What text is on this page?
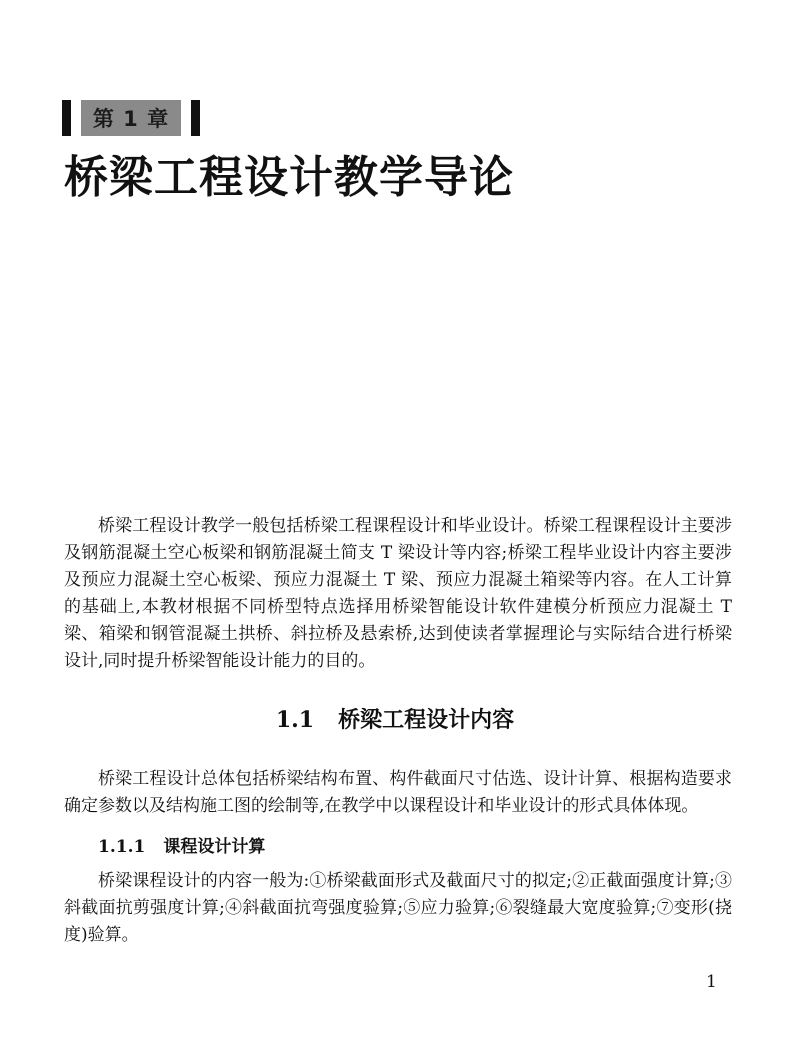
第 1 章
桥梁工程设计教学导论

桥梁工程设计教学一般包括桥梁工程课程设计和毕业设计。桥梁工程课程设计主要涉及钢筋混凝土空心板梁和钢筋混凝土简支 T 梁设计等内容;桥梁工程毕业设计内容主要涉及预应力混凝土空心板梁、预应力混凝土 T 梁、预应力混凝土箱梁等内容。在人工计算的基础上,本教材根据不同桥型特点选择用桥梁智能设计软件建模分析预应力混凝土 T 梁、箱梁和钢管混凝土拱桥、斜拉桥及悬索桥,达到使读者掌握理论与实际结合进行桥梁设计,同时提升桥梁智能设计能力的目的。

1.1 桥梁工程设计内容

桥梁工程设计总体包括桥梁结构布置、构件截面尺寸估选、设计计算、根据构造要求确定参数以及结构施工图的绘制等,在教学中以课程设计和毕业设计的形式具体体现。

1.1.1 课程设计计算

桥梁课程设计的内容一般为:①桥梁截面形式及截面尺寸的拟定;②正截面强度计算;③斜截面抗剪强度计算;④斜截面抗弯强度验算;⑤应力验算;⑥裂缝最大宽度验算;⑦变形(挠度)验算。

1
